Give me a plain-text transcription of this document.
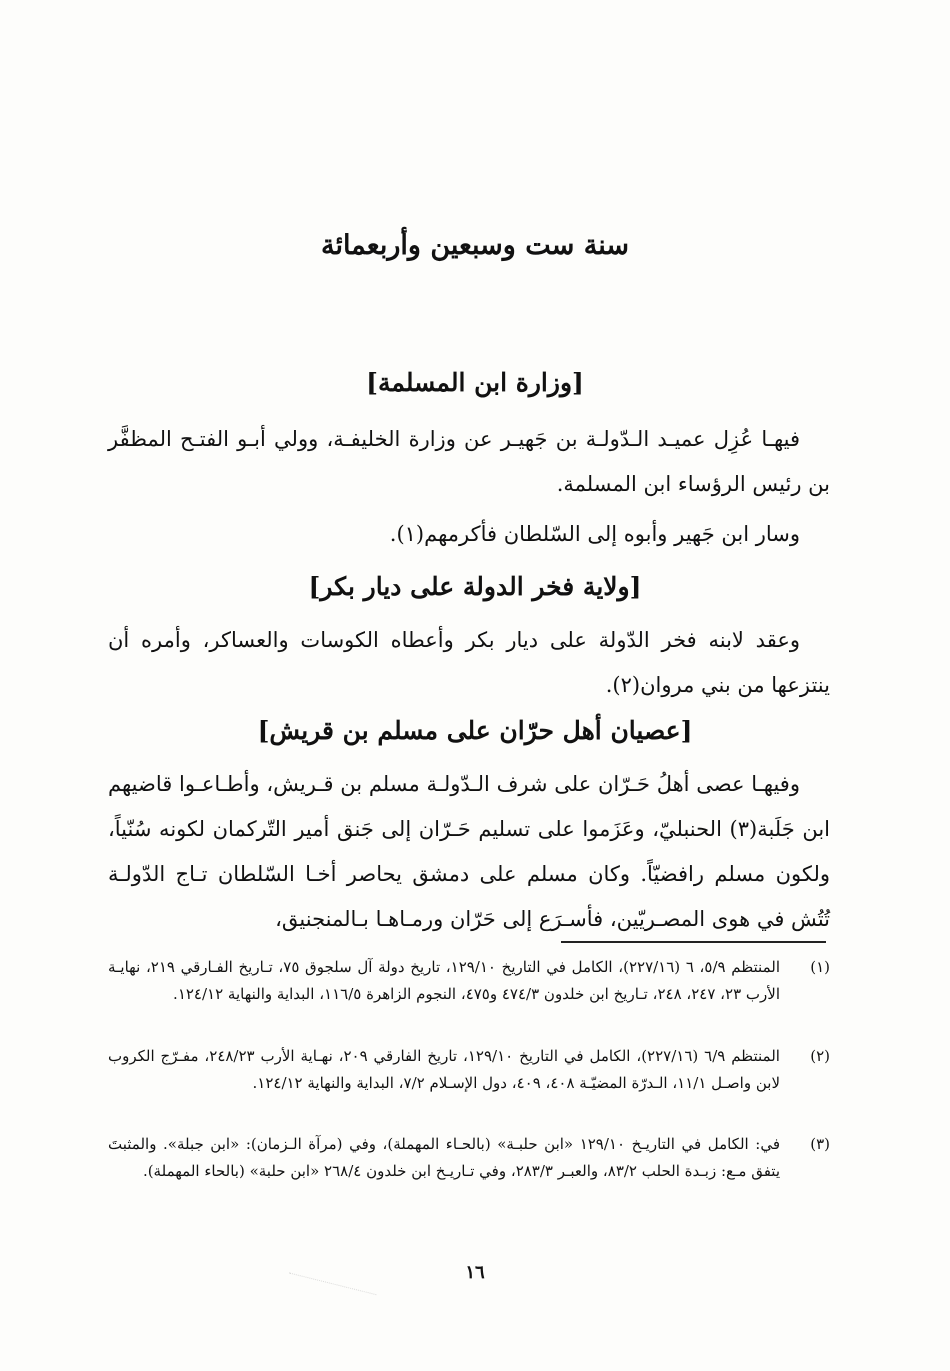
سنة ست وسبعين وأربعمائة
[وزارة ابن المسلمة]
فيهـا عُزِل عميـد الـدّولـة بن جَهيـر عن وزارة الخليفـة، وولي أبـو الفتـح المظفَّر بن رئيس الرؤساء ابن المسلمة.
وسار ابن جَهير وأبوه إلى السّلطان فأكرمهم(١).
[ولاية فخر الدولة على ديار بكر]
وعقد لابنه فخر الدّولة على ديار بكر وأعطاه الكوسات والعساكر، وأمره أن ينتزعها من بني مروان(٢).
[عصيان أهل حرّان على مسلم بن قريش]
وفيهـا عصى أهلُ حَـرّان على شرف الـدّولـة مسلم بن قـريش، وأطـاعـوا قاضيهم ابن جَلَبة(٣) الحنبليّ، وعَزَموا على تسليم حَـرّان إلى جَنق أمير التّركمان لكونه سُنّياً، ولكون مسلم رافضيّاً. وكان مسلم على دمشق يحاصر أخـا السّلطان تـاج الدّولـة تُتُش في هوى المصـريّين، فأسـرَع إلى حَرّان ورمـاهـا بـالمنجنيق،
(١)
المنتظم ٥/٩، ٦ (٢٢٧/١٦)، الكامل في التاريخ ١٢٩/١٠، تاريخ دولة آل سلجوق ٧٥، تـاريخ الفـارقي ٢١٩، نهايـة الأرب ٢٣، ٢٤٧، ٢٤٨، تـاريخ ابن خلدون ٤٧٤/٣ و٤٧٥، النجوم الزاهرة ١١٦/٥، البداية والنهاية ١٢٤/١٢.
(٢)
المنتظم ٦/٩ (٢٢٧/١٦)، الكامل في التاريخ ١٢٩/١٠، تاريخ الفارقي ٢٠٩، نهـاية الأرب ٢٤٨/٢٣، مفـرّج الكروب لابن واصـل ١١/١، الـدرّة المضيّـة ٤٠٨، ٤٠٩، دول الإسـلام ٧/٢، البداية والنهاية ١٢٤/١٢.
(٣)
في: الكامل في التاريـخ ١٢٩/١٠ «ابن حلبـة» (بالحـاء المهملة)، وفي (مرآة الـزمان): «ابن جبلة». والمثبتَ يتفق مـع: زبـدة الحلب ٨٣/٢، والعبـر ٢٨٣/٣، وفي تـاريـخ ابن خلدون ٢٦٨/٤ «ابن حلبة» (بالحاء المهملة).
١٦
